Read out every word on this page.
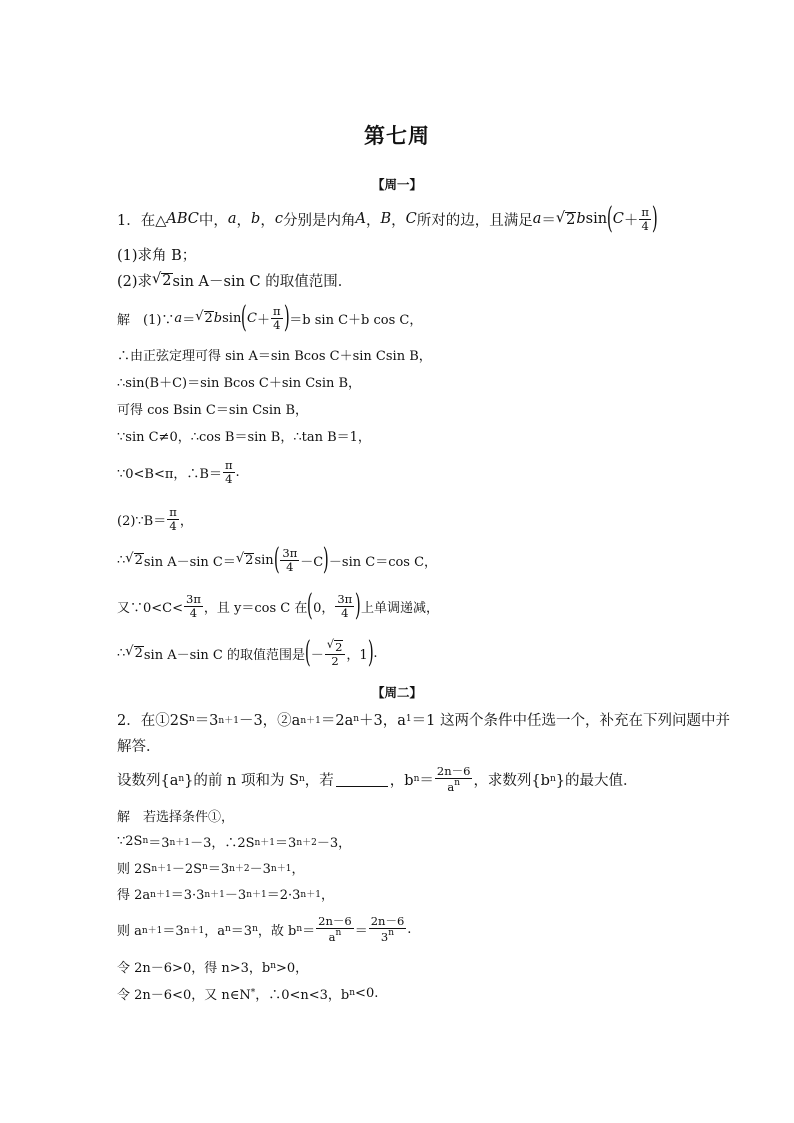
第七周
【周一】
1．在△ ABC 中， a ， b ， c 分别是内角 A ， B ， C 所对的边，且满足 a ＝ √ 2 b sin ( $C + \frac{\pi}{4}$ )
(1)求角 B；
(2)求 √ 2 sin A－sin C 的取值范围．
解　(1)∵ a ＝ √ 2 b sin ( $C + \frac{\pi}{4}$ ) ＝b sin C＋b cos C，
∴由正弦定理可得 sin A＝sin Bcos C＋sin Csin B，
∴sin(B＋C)＝sin Bcos C＋sin Csin B，
可得 cos Bsin C＝sin Csin B，
∵sin C≠0，∴cos B＝sin B，∴tan B＝1，
∵0<B<π，∴B＝ $\frac{\pi}{4}$ .
(2)∵B＝ $\frac{\pi}{4}$ ，
∴ √ 2 sin A－sin C＝ √ 2 sin ( $\frac{3\pi}{4} -C$ ) －sin C＝cos C，
又∵0<C< $\frac{3\pi}{4}$ ，且 y＝cos C 在 ( 0， $\frac{3\pi}{4}$ ) 上单调递减，
∴ √ 2 sin A－sin C 的取值范围是 ( － $\frac{√ 2}{2}$ ，1 ) .
【周二】
2．在①2S n ＝3 n＋1 －3，②a n＋1 ＝2a n ＋3，a 1 ＝1 这两个条件中任选一个，补充在下列问题中并
解答．
设数列{a n }的前 n 项和为 S n ，若	，b $n = \frac{2n-6}{a^n}$ ，求数列{b n }的最大值．
解　若选择条件①，
∵2S n ＝3 n＋1 －3，∴2S n＋1 ＝3 n＋2 －3，
则 2S n＋1 －2S n ＝3 n＋2 －3 n＋1 ，
得 2a n＋1 ＝3·3 n＋1 －3 n＋1 ＝2·3 n＋1 ，
则 a n＋1 ＝3 n＋1 ，a n ＝3 n ，故 b $n = \frac{2n-6}{a^n} = \frac{2n-6}{3^n}$ .
令 2n－6>0，得 n>3，b n >0，
令 2n－6<0，又 n∈N * ，∴0<n<3，b n <0.
